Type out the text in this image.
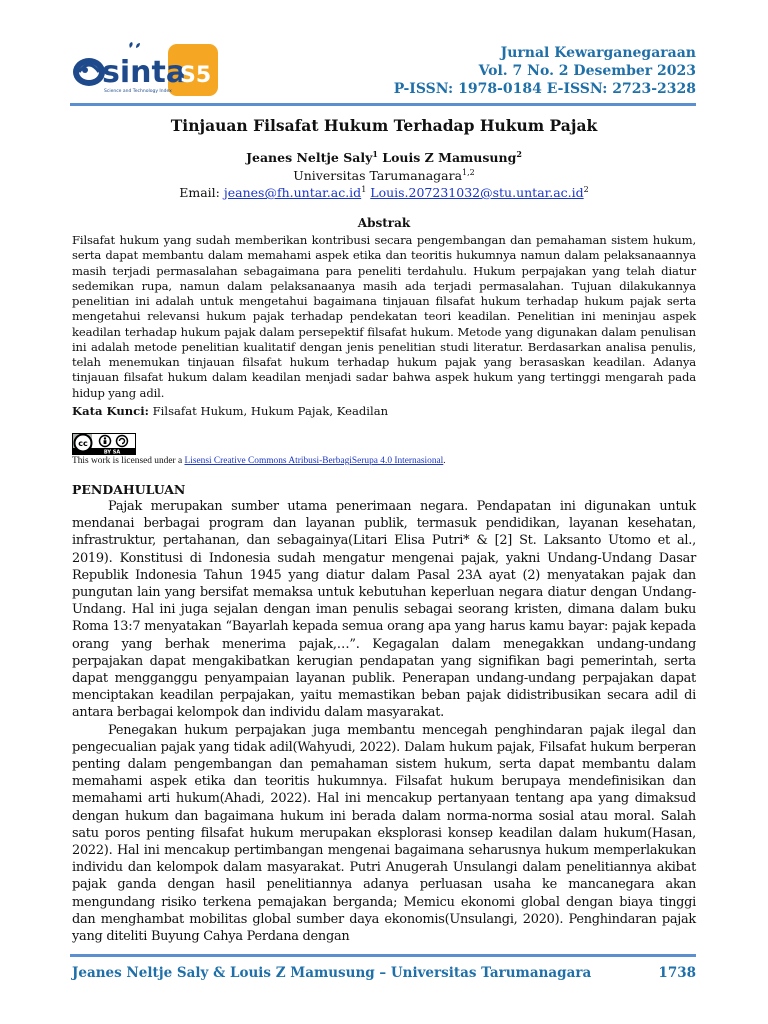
sinta
S5
Science and Technology Index
Jurnal Kewarganegaraan
Vol. 7 No. 2 Desember 2023
P-ISSN: 1978-0184 E-ISSN: 2723-2328
Tinjauan Filsafat Hukum Terhadap Hukum Pajak
Jeanes Neltje Saly$^1$ Louis Z Mamusung$^2$
Universitas Tarumanagara$^{1,2}$
Email: $jeanes@fh.untar.ac.id^1$ $Louis.207231032@stu.untar.ac.id^2$
Abstrak
Filsafat hukum yang sudah memberikan kontribusi secara pengembangan dan pemahaman sistem hukum, serta dapat membantu dalam memahami aspek etika dan teoritis hukumnya namun dalam pelaksanaannya masih terjadi permasalahan sebagaimana para peneliti terdahulu. Hukum perpajakan yang telah diatur sedemikan rupa, namun dalam pelaksanaanya masih ada terjadi permasalahan. Tujuan dilakukannya penelitian ini adalah untuk mengetahui bagaimana tinjauan filsafat hukum terhadap hukum pajak serta mengetahui relevansi hukum pajak terhadap pendekatan teori keadilan. Penelitian ini meninjau aspek keadilan terhadap hukum pajak dalam persepektif filsafat hukum. Metode yang digunakan dalam penulisan ini adalah metode penelitian kualitatif dengan jenis penelitian studi literatur. Berdasarkan analisa penulis, telah menemukan tinjauan filsafat hukum terhadap hukum pajak yang berasaskan keadilan. Adanya tinjauan filsafat hukum dalam keadilan menjadi sadar bahwa aspek hukum yang tertinggi mengarah pada hidup yang adil.
Kata Kunci: Filsafat Hukum, Hukum Pajak, Keadilan
cc
BY SA
This work is licensed under a Lisensi Creative Commons Atribusi-BerbagiSerupa 4.0 Internasional.
PENDAHULUAN

Pajak merupakan sumber utama penerimaan negara. Pendapatan ini digunakan untuk mendanai berbagai program dan layanan publik, termasuk pendidikan, layanan kesehatan, infrastruktur, pertahanan, dan sebagainya(Litari Elisa Putri* & [2] St. Laksanto Utomo et al., 2019). Konstitusi di Indonesia sudah mengatur mengenai pajak, yakni Undang-Undang Dasar Republik Indonesia Tahun 1945 yang diatur dalam Pasal 23A ayat (2) menyatakan pajak dan pungutan lain yang bersifat memaksa untuk kebutuhan keperluan negara diatur dengan Undang- Undang. Hal ini juga sejalan dengan iman penulis sebagai seorang kristen, dimana dalam buku Roma 13:7 menyatakan “Bayarlah kepada semua orang apa yang harus kamu bayar: pajak kepada orang yang berhak menerima pajak,…”. Kegagalan dalam menegakkan undang-undang perpajakan dapat mengakibatkan kerugian pendapatan yang signifikan bagi pemerintah, serta dapat mengganggu penyampaian layanan publik. Penerapan undang-undang perpajakan dapat menciptakan keadilan perpajakan, yaitu memastikan beban pajak didistribusikan secara adil di antara berbagai kelompok dan individu dalam masyarakat.

Penegakan hukum perpajakan juga membantu mencegah penghindaran pajak ilegal dan pengecualian pajak yang tidak adil(Wahyudi, 2022). Dalam hukum pajak, Filsafat hukum berperan penting dalam pengembangan dan pemahaman sistem hukum, serta dapat membantu dalam memahami aspek etika dan teoritis hukumnya. Filsafat hukum berupaya mendefinisikan dan memahami arti hukum(Ahadi, 2022). Hal ini mencakup pertanyaan tentang apa yang dimaksud dengan hukum dan bagaimana hukum ini berada dalam norma-norma sosial atau moral. Salah satu poros penting filsafat hukum merupakan eksplorasi konsep keadilan dalam hukum(Hasan, 2022). Hal ini mencakup pertimbangan mengenai bagaimana seharusnya hukum memperlakukan individu dan kelompok dalam masyarakat. Putri Anugerah Unsulangi dalam penelitiannya akibat pajak ganda dengan hasil penelitiannya adanya perluasan usaha ke mancanegara akan mengundang risiko terkena pemajakan berganda; Memicu ekonomi global dengan biaya tinggi dan menghambat mobilitas global sumber daya ekonomis(Unsulangi, 2020). Penghindaran pajak yang diteliti Buyung Cahya Perdana dengan

Jeanes Neltje Saly & Louis Z Mamusung – Universitas Tarumanagara	1738
